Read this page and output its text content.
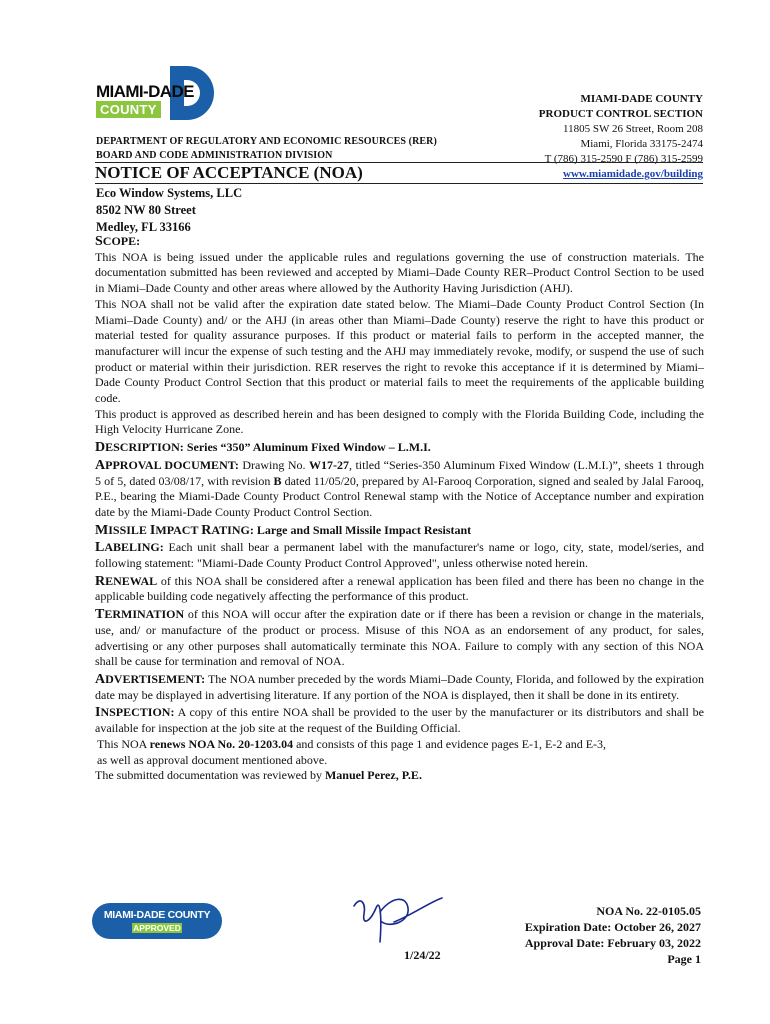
MIAMI-DADE
COUNTY
MIAMI-DADE COUNTY
PRODUCT CONTROL SECTION
11805 SW 26 Street, Room 208
Miami, Florida 33175-2474
T (786) 315-2590 F (786) 315-2599
www.miamidade.gov/building
DEPARTMENT OF REGULATORY AND ECONOMIC RESOURCES (RER)
BOARD AND CODE ADMINISTRATION DIVISION
NOTICE OF ACCEPTANCE (NOA)
Eco Window Systems, LLC
8502 NW 80 Street
Medley, FL 33166

SCOPE:

This NOA is being issued under the applicable rules and regulations governing the use of construction materials. The documentation submitted has been reviewed and accepted by Miami–Dade County RER–Product Control Section to be used in Miami–Dade County and other areas where allowed by the Authority Having Jurisdiction (AHJ).

This NOA shall not be valid after the expiration date stated below. The Miami–Dade County Product Control Section (In Miami–Dade County) and/ or the AHJ (in areas other than Miami–Dade County) reserve the right to have this product or material tested for quality assurance purposes. If this product or material fails to perform in the accepted manner, the manufacturer will incur the expense of such testing and the AHJ may immediately revoke, modify, or suspend the use of such product or material within their jurisdiction. RER reserves the right to revoke this acceptance if it is determined by Miami–Dade County Product Control Section that this product or material fails to meet the requirements of the applicable building code.

This product is approved as described herein and has been designed to comply with the Florida Building Code, including the High Velocity Hurricane Zone.

DESCRIPTION: Series “350” Aluminum Fixed Window – L.M.I.

APPROVAL DOCUMENT: Drawing No. W17-27, titled “Series-350 Aluminum Fixed Window (L.M.I.)”, sheets 1 through 5 of 5, dated 03/08/17, with revision B dated 11/05/20, prepared by Al-Farooq Corporation, signed and sealed by Jalal Farooq, P.E., bearing the Miami-Dade County Product Control Renewal stamp with the Notice of Acceptance number and expiration date by the Miami-Dade County Product Control Section.

MISSILE IMPACT RATING: Large and Small Missile Impact Resistant

LABELING: Each unit shall bear a permanent label with the manufacturer's name or logo, city, state, model/series, and following statement: "Miami-Dade County Product Control Approved", unless otherwise noted herein.

RENEWAL of this NOA shall be considered after a renewal application has been filed and there has been no change in the applicable building code negatively affecting the performance of this product.

TERMINATION of this NOA will occur after the expiration date or if there has been a revision or change in the materials, use, and/ or manufacture of the product or process. Misuse of this NOA as an endorsement of any product, for sales, advertising or any other purposes shall automatically terminate this NOA. Failure to comply with any section of this NOA shall be cause for termination and removal of NOA.

ADVERTISEMENT: The NOA number preceded by the words Miami–Dade County, Florida, and followed by the expiration date may be displayed in advertising literature. If any portion of the NOA is displayed, then it shall be done in its entirety.

INSPECTION: A copy of this entire NOA shall be provided to the user by the manufacturer or its distributors and shall be available for inspection at the job site at the request of the Building Official.

This NOA renews NOA No. 20-1203.04 and consists of this page 1 and evidence pages E-1, E-2 and E-3,

as well as approval document mentioned above.

The submitted documentation was reviewed by Manuel Perez, P.E.

MIAMI-DADE COUNTY
APPROVED
1/24/22
NOA No. 22-0105.05
Expiration Date: October 26, 2027
Approval Date: February 03, 2022
Page 1
